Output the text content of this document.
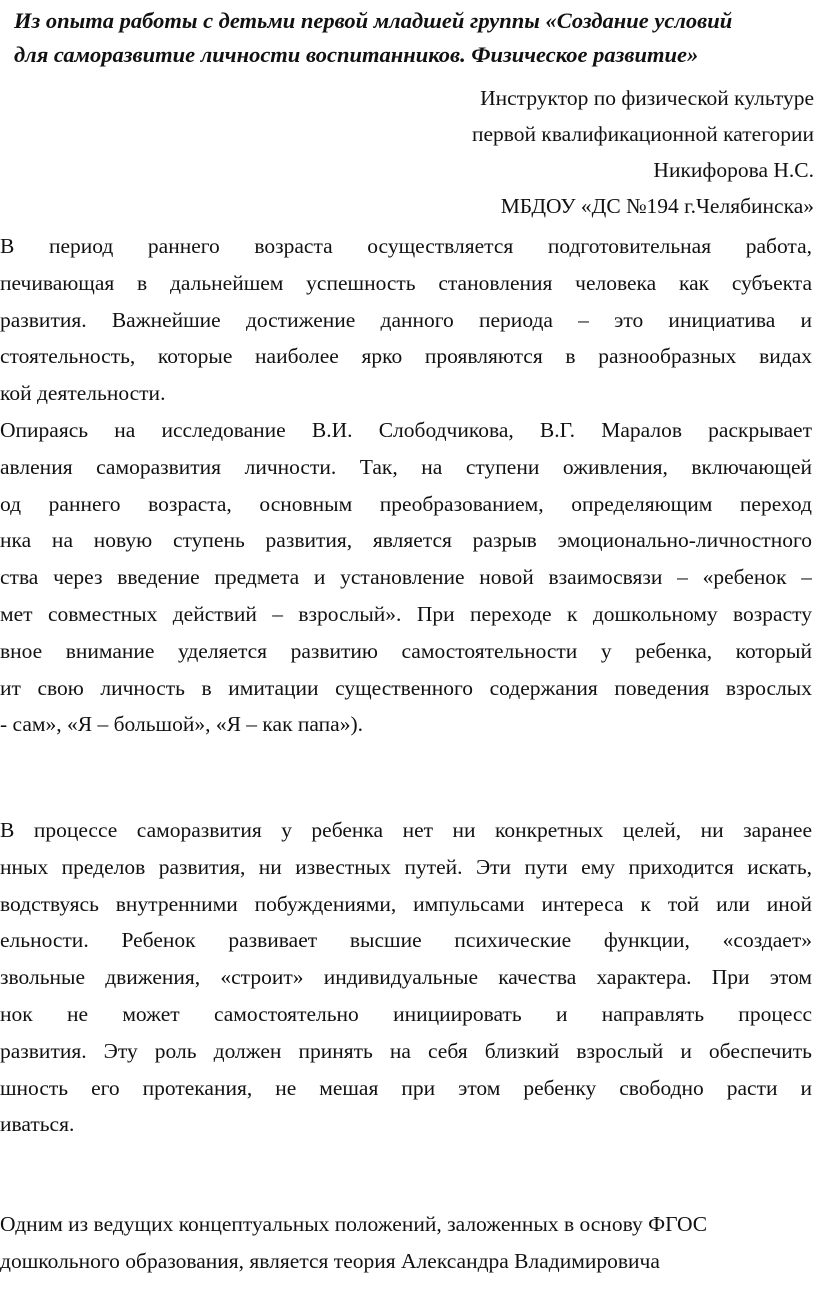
Из опыта работы с детьми первой младшей группы «Создание условий
для саморазвитие личности воспитанников. Физическое развитие»
Инструктор по физической культуре
первой квалификационной категории
Никифорова Н.С.
МБДОУ «ДС №194 г.Челябинска»
В период раннего возраста осуществляется подготовительная работа,
печивающая в дальнейшем успешность становления человека как субъекта
развития. Важнейшие достижение данного периода – это инициатива и
стоятельность, которые наиболее ярко проявляются в разнообразных видах
кой деятельности.
Опираясь на исследование В.И. Слободчикова, В.Г. Маралов раскрывает
авления саморазвития личности. Так, на ступени оживления, включающей
од раннего возраста, основным преобразованием, определяющим переход
нка на новую ступень развития, является разрыв эмоционально-личностного
ства через введение предмета и установление новой взаимосвязи – «ребенок –
мет совместных действий – взрослый». При переходе к дошкольному возрасту
вное внимание уделяется развитию самостоятельности у ребенка, который
ит свою личность в имитации существенного содержания поведения взрослых
- сам», «Я – большой», «Я – как папа»).
В процессе саморазвития у ребенка нет ни конкретных целей, ни заранее
нных пределов развития, ни известных путей. Эти пути ему приходится искать,
водствуясь внутренними побуждениями, импульсами интереса к той или иной
ельности. Ребенок развивает высшие психические функции, «создает»
звольные движения, «строит» индивидуальные качества характера. При этом
нок не может самостоятельно инициировать и направлять процесс
развития. Эту роль должен принять на себя близкий взрослый и обеспечить
шность его протекания, не мешая при этом ребенку свободно расти и
иваться.
Одним из ведущих концептуальных положений, заложенных в основу ФГОС
дошкольного образования, является теория Александра Владимировича
